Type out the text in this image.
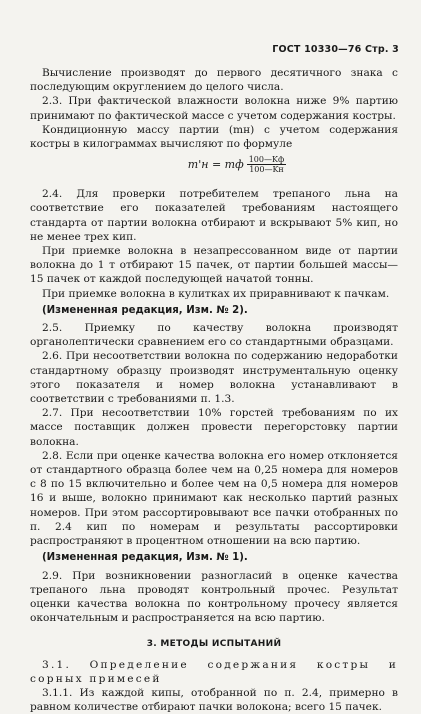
ГОСТ 10330—76 Стр. 3

Вычисление производят до первого десятичного знака с последующим округлением до целого числа.

2.3. При фактической влажности волокна ниже 9% партию принимают по фактической массе с учетом содержания костры.

Кондиционную массу партии (mн) с учетом содержания костры в килограммах вычисляют по формуле

m'н = mф $\frac{100—Kф}{100—Kн}$

2.4. Для проверки потребителем трепаного льна на соответствие его показателей требованиям настоящего стандарта от партии волокна отбирают и вскрывают 5% кип, но не менее трех кип.

При приемке волокна в незапрессованном виде от партии волокна до 1 т отбирают 15 пачек, от партии большей массы—15 пачек от каждой последующей начатой тонны.

При приемке волокна в кулитках их приравнивают к пачкам.

(Измененная редакция, Изм. № 2).

2.5. Приемку по качеству волокна производят органолептически сравнением его со стандартными образцами.

2.6. При несоответствии волокна по содержанию недоработки стандартному образцу производят инструментальную оценку этого показателя и номер волокна устанавливают в соответствии с требованиями п. 1.3.

2.7. При несоответствии 10% горстей требованиям по их массе поставщик должен провести перегорстовку партии волокна.

2.8. Если при оценке качества волокна его номер отклоняется от стандартного образца более чем на 0,25 номера для номеров с 8 по 15 включительно и более чем на 0,5 номера для номеров 16 и выше, волокно принимают как несколько партий разных номеров. При этом рассортировывают все пачки отобранных по п. 2.4 кип по номерам и результаты рассортировки распространяют в процентном отношении на всю партию.

(Измененная редакция, Изм. № 1).

2.9. При возникновении разногласий в оценке качества трепаного льна проводят контрольный прочес. Результат оценки качества волокна по контрольному прочесу является окончательным и распространяется на всю партию.

3. МЕТОДЫ ИСПЫТАНИЙ

3.1. Определение содержания костры и сорных примесей

3.1.1. Из каждой кипы, отобранной по п. 2.4, примерно в равном количестве отбирают пачки волокона; всего 15 пачек.
